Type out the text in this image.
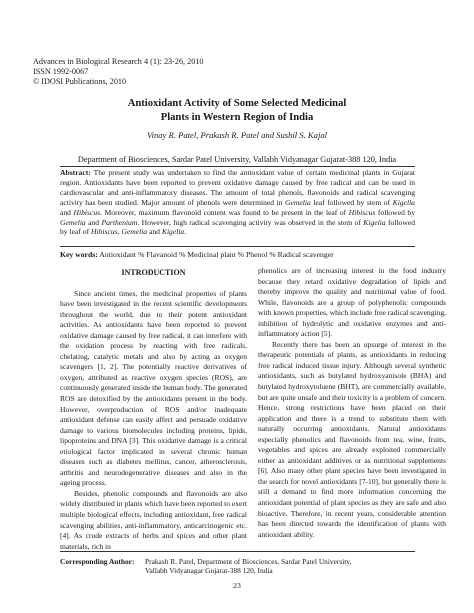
Advances in Biological Research 4 (1): 23-26, 2010
ISSN 1992-0067
© IDOSI Publications, 2010
Antioxidant Activity of Some Selected Medicinal
Plants in Western Region of India
Vinay R. Patel, Prakash R. Patel and Sushil S. Kajal
Department of Biosciences, Sardar Patel University, Vallabh Vidyanagar Gujarat-388 120, India
Abstract: The present study was undertaken to find the antioxidant value of certain medicinal plants in Gujarat region. Antioxidants have been reported to prevent oxidative damage caused by free radical and can be used in cardiovascular and anti-inflammatory diseases. The amount of total phenols, flavonoids and radical scavenging activity has been studied. Major amount of phenols were determined in Gemelia leaf followed by stem of Kigella and Hibiscus. Moreover, maximum flavonoid content was found to be present in the leaf of Hibiscus followed by Gemelia and Parthenium. However, high radical scavenging activity was observed in the stem of Kigelia followed by leaf of Hibiscus, Gemelia and Kigelia.
Key words: Antioxidant % Flavanoid % Medicinal plant % Phenol % Radical scavenger
INTRODUCTION

Since ancient times, the medicinal properties of plants have been investigated in the recent scientific developments throughout the world, due to their potent antioxidant activities. As antioxidants have been reported to prevent oxidative damage caused by free radical, it can interfere with the oxidation process by reacting with free radicals, chelating, catalytic metals and also by acting as oxygen scavengers [1, 2]. The potentially reactive derivatives of oxygen, attributed as reactive oxygen species (ROS), are continuously generated inside the human body. The generated ROS are detoxified by the antioxidants present in the body. However, overproduction of ROS and/or inadequate antioxidant defense can easily affect and persuade oxidative damage to various biomolecules including proteins, lipids, lipoproteins and DNA [3]. This oxidative damage is a critical etiological factor implicated in several chronic human diseases such as diabetes mellitus, cancer, atherosclerosis, arthritis and neurodegenerative diseases and also in the ageing process.

Besides, phenolic compounds and flavonoids are also widely distributed in plants which have been reported to exert multiple biological effects, including antioxidant, free radical scavenging abilities, anti-inflammatory, anticarcinogenic etc. [4]. As crude extracts of herbs and spices and other plant materials, rich in

phenolics are of increasing interest in the food industry because they retard oxidative degradation of lipids and thereby improve the quality and nutritional value of food. While, flavonoids are a group of polyphenolic compounds with known properties, which include free radical scavenging, inhibition of hydrolytic and oxidative enzymes and anti-inflammatory action [5].

Recently there has been an upsurge of interest in the therapeutic potentials of plants, as antioxidants in reducing free radical induced tissue injury. Although several synthetic antioxidants, such as butylated hydroxyanisole (BHA) and butylated hydroxytoluene (BHT), are commercially available, but are quite unsafe and their toxicity is a problem of concern. Hence, strong restrictions have been placed on their application and there is a trend to substitute them with naturally occurring antioxidants. Natural antioxidants especially phenolics and flavonoids from tea, wine, fruits, vegetables and spices are already exploited commercially either as antioxidant additives or as nutritional supplements [6]. Also many other plant species have been investigated in the search for novel antioxidants [7-10], but generally there is still a demand to find more information concerning the antioxidant potential of plant species as they are safe and also bioactive. Therefore, in recent years, considerable attention has been directed towards the identification of plants with antioxidant ability.

Corresponding Author:	Prakash R. Patel, Department of Biosciences, Sardar Patel University,
Vallabh Vidyanagar Gujarat-388 120, India
23
